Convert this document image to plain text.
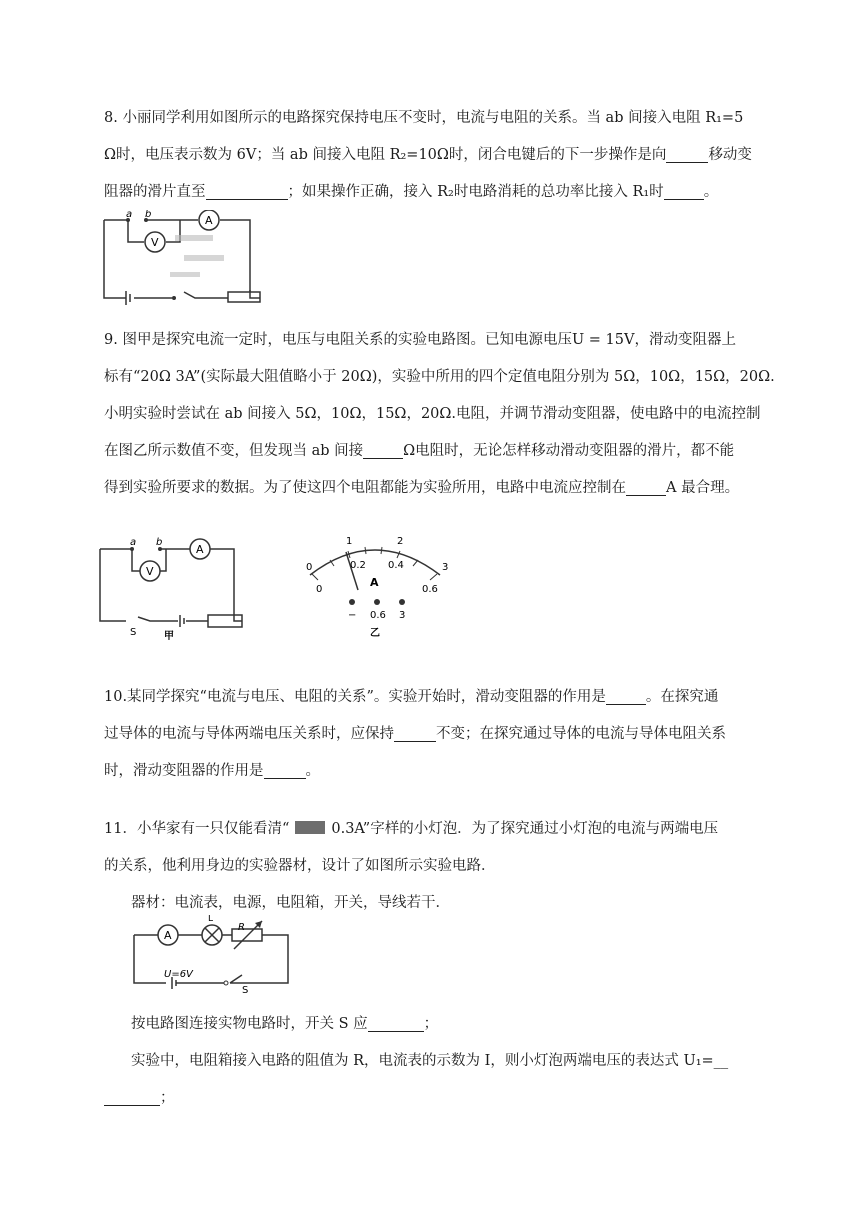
8. 小丽同学利用如图所示的电路探究保持电压不变时，电流与电阻的关系。当 ab 间接入电阻 R₁=5
Ω时，电压表示数为 6V；当 ab 间接入电阻 R₂=10Ω时，闭合电键后的下一步操作是向	移动变
阻器的滑片直至	；如果操作正确，接入 R₂时电路消耗的总功率比接入 R₁时	。
a b	A
V
9. 图甲是探究电流一定时，电压与电阻关系的实验电路图。已知电源电压U = 15V，滑动变阻器上
标有“20Ω 3A”(实际最大阻值略小于 20Ω)，实验中所用的四个定值电阻分别为 5Ω，10Ω，15Ω，20Ω.
小明实验时尝试在 ab 间接入 5Ω，10Ω，15Ω，20Ω.电阻，并调节滑动变阻器，使电路中的电流控制
在图乙所示数值不变，但发现当 ab 间接	Ω电阻时，无论怎样移动滑动变阻器的滑片，都不能
得到实验所要求的数据。为了使这四个电阻都能为实验所用，电路中电流应控制在	A 最合理。
a b
A
V
S	甲
0
1	2
3
0
0.2 0.4
0.6
A
− 0.6 3
乙
10.某同学探究“电流与电压、电阻的关系”。实验开始时，滑动变阻器的作用是	。在探究通
过导体的电流与导体两端电压关系时，应保持	不变；在探究通过导体的电流与导体电阻关系
时，滑动变阻器的作用是	。
11．小华家有一只仅能看清“	0.3A”字样的小灯泡．为了探究通过小灯泡的电流与两端电压
的关系，他利用身边的实验器材，设计了如图所示实验电路．
器材：电流表，电源，电阻箱，开关，导线若干．
A
L
R
U=6V
S
按电路图连接实物电路时，开关 S 应	；
实验中，电阻箱接入电路的阻值为 R，电流表的示数为 I，则小灯泡两端电压的表达式 U₁=__
；
